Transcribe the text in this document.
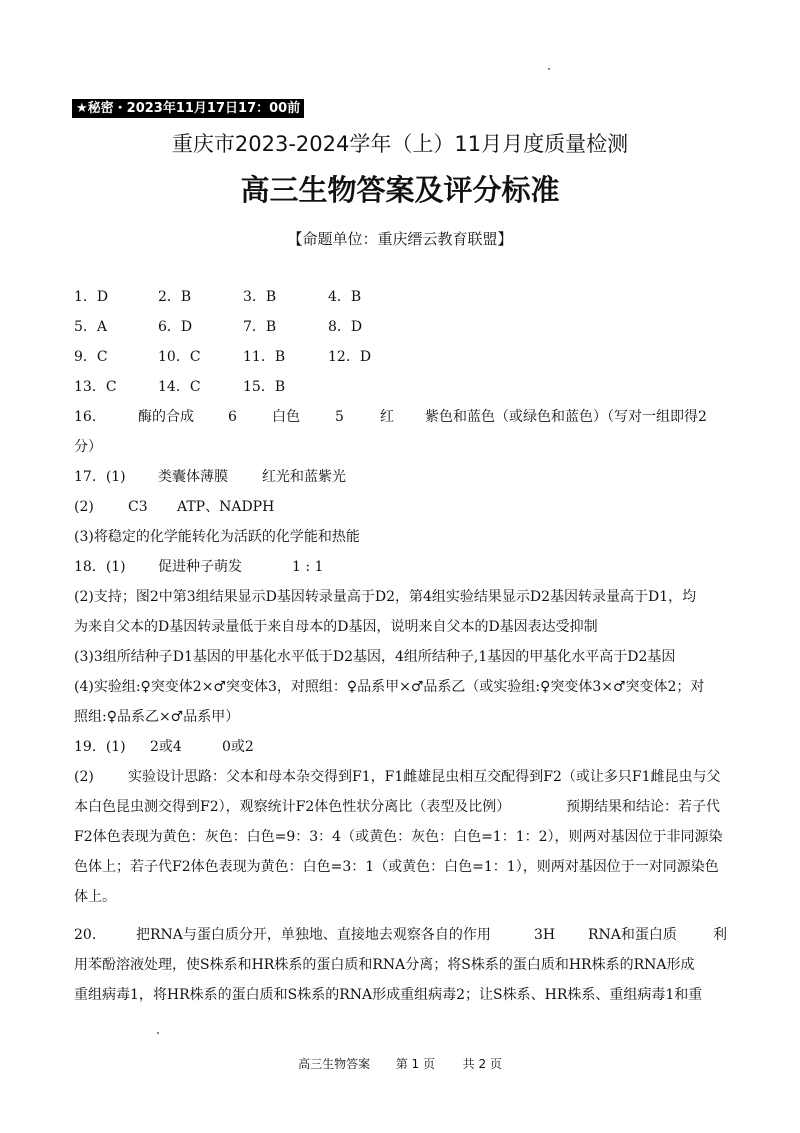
★秘密・2023年11月17日17：00前
重庆市2023-2024学年（上）11月月度质量检测
高三生物答案及评分标准
【命题单位：重庆缙云教育联盟】
1．D	2．B	3．B	4．B
5．A	6．D	7．B	8．D
9．C	10．C	11．B	12．D
13．C	14．C	15．B
16.	酶的合成 6	白色	5	红 紫色和蓝色（或绿色和蓝色）（写对一组即得2
分）
17．(1) 类囊体薄膜 红光和蓝紫光
(2) C3 ATP、NADPH
(3)将稳定的化学能转化为活跃的化学能和热能
18．(1) 促进种子萌发	1 : 1
(2)支持；图2中第3组结果显示D基因转录量高于D2，第4组实验结果显示D2基因转录量高于D1，均
为来自父本的D基因转录量低于来自母本的D基因，说明来自父本的D基因表达受抑制
(3)3组所结种子D1基因的甲基化水平低于D2基因，4组所结种子,1基因的甲基化水平高于D2基因
(4)实验组:♀突变体2×♂突变体3，对照组：♀品系甲×♂品系乙（或实验组:♀突变体3×♂突变体2；对
照组:♀品系乙×♂品系甲）
19．(1) 2或4	0或2
(2) 实验设计思路：父本和母本杂交得到F1，F1雌雄昆虫相互交配得到F2（或让多只F1雌昆虫与父
本白色昆虫测交得到F2），观察统计F2体色性状分离比（表型及比例）	预期结果和结论：若子代
F2体色表现为黄色：灰色：白色=9：3：4（或黄色：灰色：白色=1：1：2），则两对基因位于非同源染
色体上；若子代F2体色表现为黄色：白色=3：1（或黄色：白色=1：1），则两对基因位于一对同源染色
体上。
20.	把RNA与蛋白质分开，单独地、直接地去观察各自的作用	3H RNA和蛋白质	利
用苯酚溶液处理，使S株系和HR株系的蛋白质和RNA分离；将S株系的蛋白质和HR株系的RNA形成
重组病毒1，将HR株系的蛋白质和S株系的RNA形成重组病毒2；让S株系、HR株系、重组病毒1和重
高三生物答案 第 1 页 共 2 页
